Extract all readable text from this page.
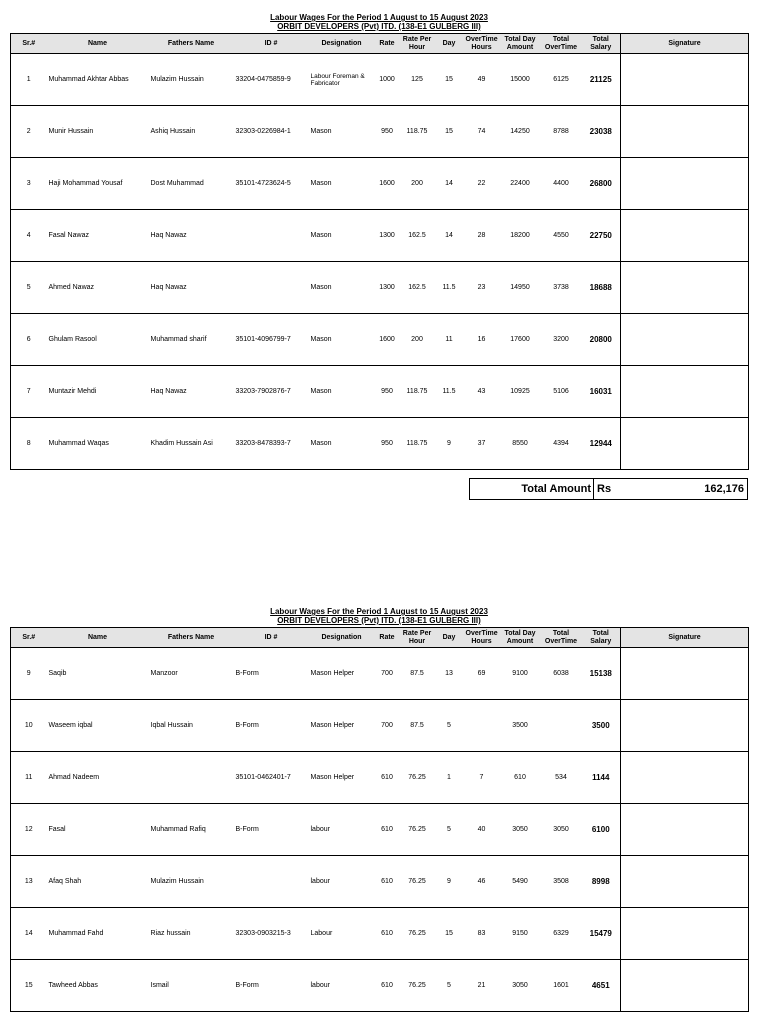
Labour Wages For the Period 1 August to 15 August 2023
ORBIT DEVELOPERS (Pvt) ITD. (138-E1 GULBERG III)
Sr.#	Name	Fathers Name	ID #	Designation	Rate	Rate Per Hour	Day	OverTime Hours	Total Day Amount	Total OverTime	Total Salary	Signature
1	Muhammad Akhtar Abbas	Mulazim Hussain	33204-0475859-9	Labour Foreman & Fabricator	1000	125	15	49	15000	6125	21125	
2	Munir Hussain	Ashiq Hussain	32303-0226984-1	Mason	950	118.75	15	74	14250	8788	23038	
3	Haji Mohammad Yousaf	Dost Muhammad	35101-4723624-5	Mason	1600	200	14	22	22400	4400	26800	
4	Fasal Nawaz	Haq Nawaz		Mason	1300	162.5	14	28	18200	4550	22750	
5	Ahmed Nawaz	Haq Nawaz		Mason	1300	162.5	11.5	23	14950	3738	18688	
6	Ghulam Rasool	Muhammad sharif	35101-4096799-7	Mason	1600	200	11	16	17600	3200	20800	
7	Muntazir Mehdi	Haq Nawaz	33203-7902876-7	Mason	950	118.75	11.5	43	10925	5106	16031	
8	Muhammad Waqas	Khadim Hussain Asi	33203-8478393-7	Mason	950	118.75	9	37	8550	4394	12944	
Total Amount Rs	162,176
Labour Wages For the Period 1 August to 15 August 2023
ORBIT DEVELOPERS (Pvt) ITD. (138-E1 GULBERG III)
Sr.#	Name	Fathers Name	ID #	Designation	Rate	Rate Per Hour	Day	OverTime Hours	Total Day Amount	Total OverTime	Total Salary	Signature
9	Saqib	Manzoor	B-Form	Mason Helper	700	87.5	13	69	9100	6038	15138	
10	Waseem iqbal	Iqbal Hussain	B-Form	Mason Helper	700	87.5	5		3500		3500	
11	Ahmad Nadeem		35101-0462401-7	Mason Helper	610	76.25	1	7	610	534	1144	
12	Fasal	Muhammad Rafiq	B-Form	labour	610	76.25	5	40	3050	3050	6100	
13	Afaq Shah	Mulazim Hussain		labour	610	76.25	9	46	5490	3508	8998	
14	Muhammad Fahd	Riaz hussain	32303-0903215-3	Labour	610	76.25	15	83	9150	6329	15479	
15	Tawheed Abbas	Ismail	B-Form	labour	610	76.25	5	21	3050	1601	4651	
